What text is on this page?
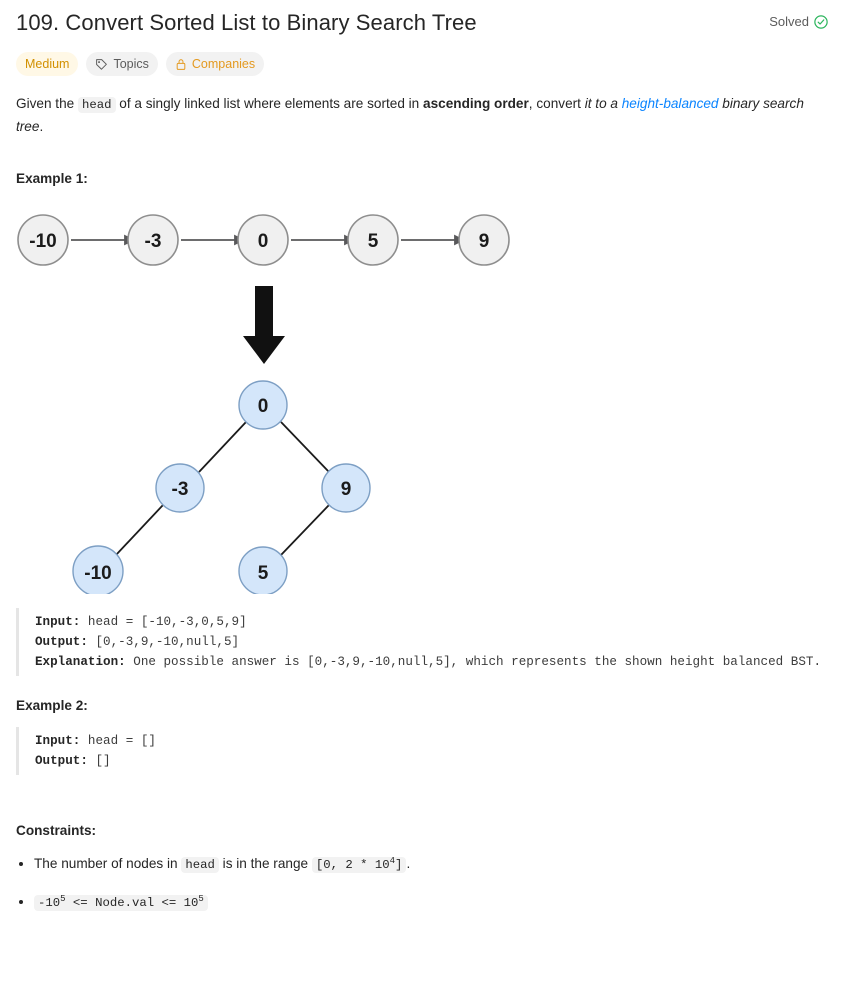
109. Convert Sorted List to Binary Search Tree	Solved
Medium	Topics	Companies

Given the head of a singly linked list where elements are sorted in ascending order, convert it to a height-balanced binary search tree.

Example 1:
-10	-3	0	5	9
0
-3	9
-10	5
Input: head = [-10,-3,0,5,9]
Output: [0,-3,9,-10,null,5]
Explanation: One possible answer is [0,-3,9,-10,null,5], which represents the shown height balanced BST.
Example 2:
Input: head = []
Output: []
Constraints:
• The number of nodes in head is in the range [0, $2 * 10^4$] .
• $-10^5$ <= Node.val <= $10^5$
